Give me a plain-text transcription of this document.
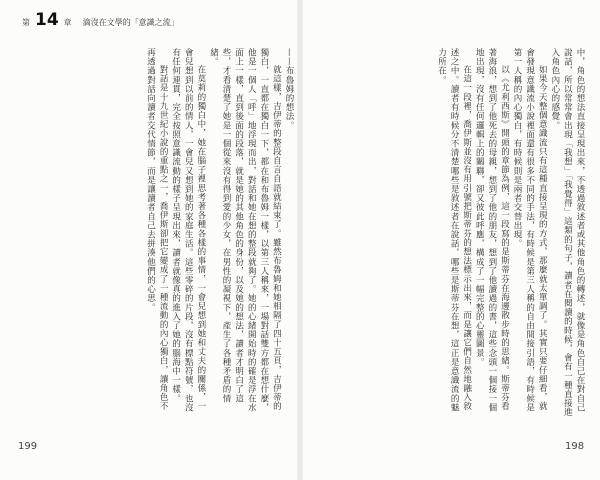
第 14 章 滴沒在文學的「意識之流」

——布魯姆的想法。

就這樣，吉伊蒂的整段自言自語就結束了。雖然布魯姆和她相隔了四十五頁，吉伊蒂的獨白，一直都在獨白一下，都在和布魯姆一樣，以第三人稱來，一場對話雙方都在想什麼，他是一個人「呼」地浮現而出，對話和她在想的整段就夠了。她的心緒開始時的確是浮在水面上一樣，直到後面的段落，就是她的其他角色的身份，以及她的想法，讀者才明白了這些，才看清楚了她是一個從來沒有得到愛的少女，在男性的凝視下，產生了各種矛盾的情緒。

在莫莉的獨白中，她在腦子裡思考著各種各樣的事情，一會兒想到她和丈夫的關係，一會兒想到以前的情人，一會兒又想到她的家庭生活。這些零碎的片段，沒有標點符號，也沒有任何連貫，完全按照意識流動的樣子呈現出來，讀者就像真的進入了她的腦海中一樣。

對話是十九世紀小說的重點之一，喬伊斯卻把它變成了一種流動的內心獨白，讓角色不再透過對話向讀者交代情節，而是讓讀者自己去拼湊他們的心思。	中，角色的想法直接呈現出來，不透過敘述者或其他角色的轉述，就像是角色自己在對自己說話，所以常常會出現「我想」「我覺得」這類的句子，讀者在閱讀的時候，會有一種直接進入角色內心的感覺。

如果今天整個意識流只有這種直接呈現的方式，那麼就太單調了。其實只要仔細看，就會發現意識流小說裡面還有很多不同的手法，有時候是第三人稱的自由間接引語，有時候是第一人稱的內心獨白，有時候則是兩者交替出現。

以《尤利西斯》開頭的章節為例，這一段寫的是斯蒂芬在海邊散步時的思緒。斯蒂芬看著海浪，想到了他死去的母親，想到了他的朋友，想到了他讀過的書，這些念頭一個接一個地出現，沒有任何邏輯上的關聯，卻又彼此呼應，構成了一幅完整的心靈圖景。

在這一段裡，喬伊斯並沒有用引號把斯蒂芬的想法標示出來，而是讓它們自然地融入敘述之中。讀者有時候分不清楚哪些是敘述者在說話，哪些是斯蒂芬在想，這正是意識流的魅力所在。

199	198
